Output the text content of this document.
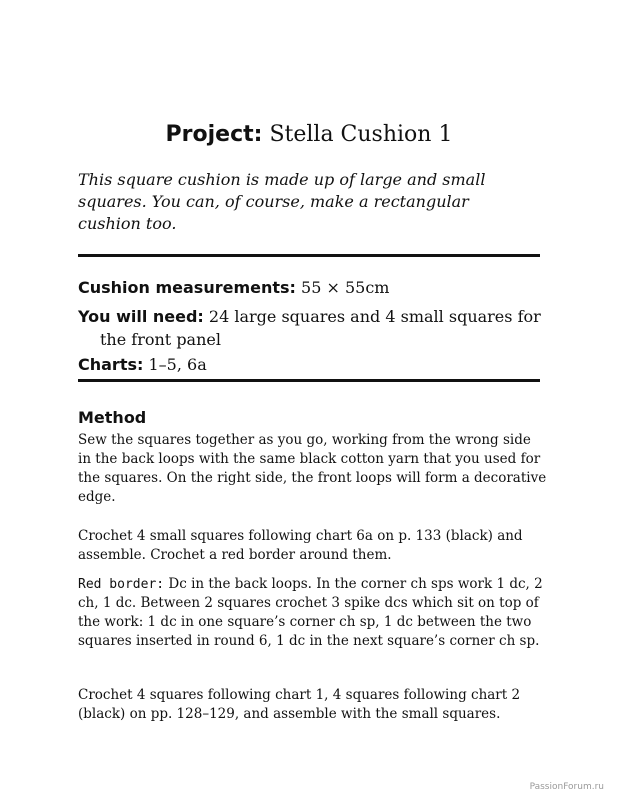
Project: Stella Cushion 1
This square cushion is made up of large and small squares. You can, of course, make a rectangular cushion too.
Cushion measurements: 55 × 55cm
You will need: 24 large squares and 4 small squares for the front panel
Charts: 1–5, 6a
Method
Sew the squares together as you go, working from the wrong side in the back loops with the same black cotton yarn that you used for the squares. On the right side, the front loops will form a decorative edge.
Crochet 4 small squares following chart 6a on p. 133 (black) and assemble. Crochet a red border around them.
Red border: Dc in the back loops. In the corner ch sps work 1 dc, 2 ch, 1 dc. Between 2 squares crochet 3 spike dcs which sit on top of the work: 1 dc in one square’s corner ch sp, 1 dc between the two squares inserted in round 6, 1 dc in the next square’s corner ch sp.
Crochet 4 squares following chart 1, 4 squares following chart 2 (black) on pp. 128–129, and assemble with the small squares.
PassionForum.ru
